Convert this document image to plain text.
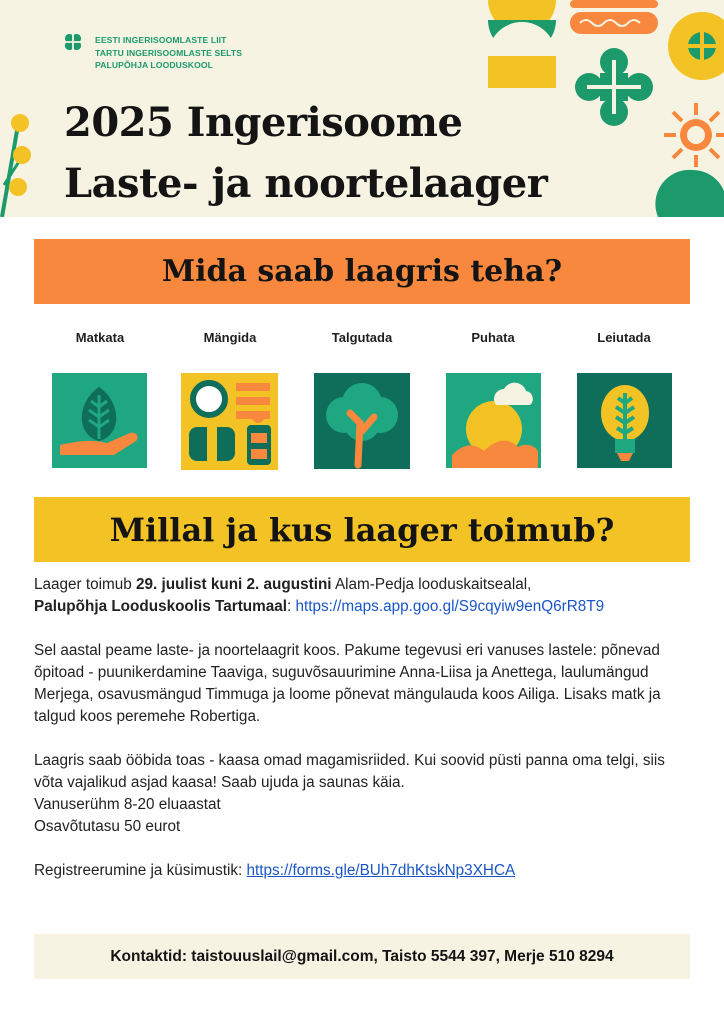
EESTI INGERISOOMLASTE LIIT
TARTU INGERISOOMLASTE SELTS
PALUPÕHJA LOODUSKOOL
2025 Ingerisoome
Laste- ja noortelaager
Mida saab laagris teha?
Matkata	Mängida	Talgutada	Puhata	Leiutada
Millal ja kus laager toimub?

Laager toimub 29. juulist kuni 2. augustini Alam-Pedja looduskaitsealal,
Palupõhja Looduskoolis Tartumaal: https://maps.app.goo.gl/S9cqyiw9enQ6rR8T9

Sel aastal peame laste- ja noortelaagrit koos. Pakume tegevusi eri vanuses lastele: põnevad õpitoad - puunikerdamine Taaviga, suguvõsauurimine Anna-Liisa ja Anettega, laulumängud Merjega, osavusmängud Timmuga ja loome põnevat mängulauda koos Ailiga. Lisaks matk ja talgud koos peremehe Robertiga.

Laagris saab ööbida toas - kaasa omad magamisriided. Kui soovid püsti panna oma telgi, siis võta vajalikud asjad kaasa! Saab ujuda ja saunas käia.
Vanuserühm 8-20 eluaastat
Osavõtutasu 50 eurot

Registreerumine ja küsimustik: https://forms.gle/BUh7dhKtskNp3XHCA

Kontaktid: taistouuslail@gmail.com, Taisto 5544 397, Merje 510 8294
